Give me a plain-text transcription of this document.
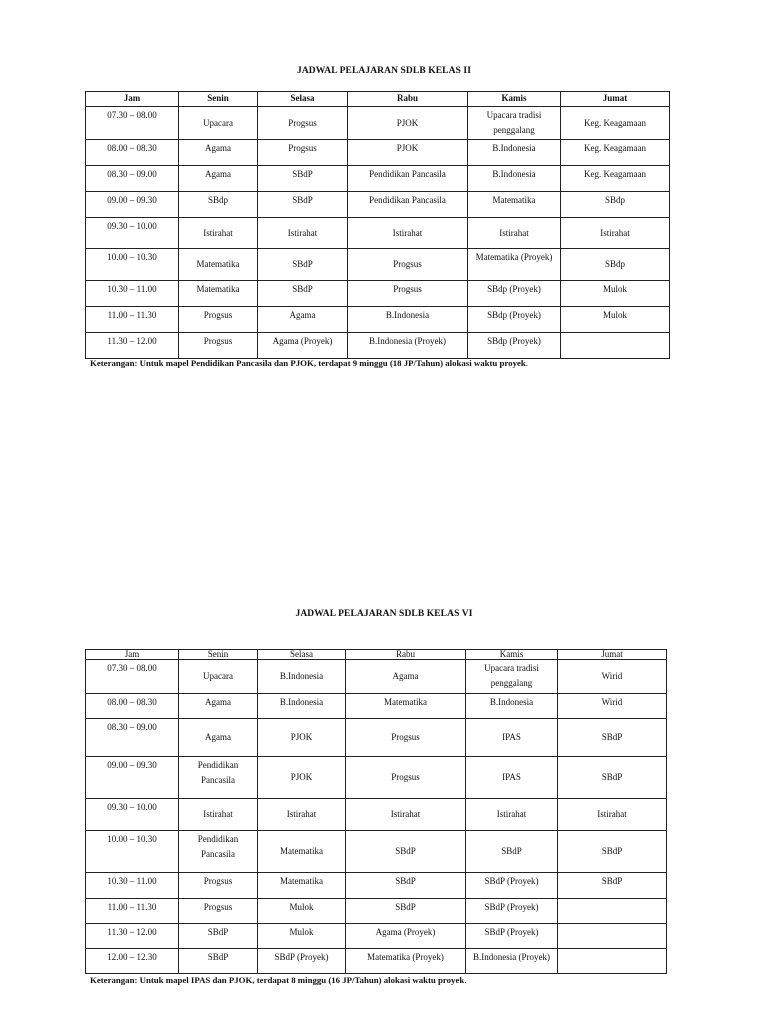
JADWAL PELAJARAN SDLB KELAS II
Jam	Senin	Selasa	Rabu	Kamis	Jumat
07.30 – 08.00	Upacara	Progsus	PJOK	Upacara tradisi penggalang	Keg. Keagamaan
08.00 – 08.30	Agama	Progsus	PJOK	B.Indonesia	Keg. Keagamaan
08.30 – 09.00	Agama	SBdP	Pendidikan Pancasila	B.Indonesia	Keg. Keagamaan
09.00 – 09.30	SBdp	SBdP	Pendidikan Pancasila	Matematika	SBdp
09.30 – 10.00	Istirahat	Istirahat	Istirahat	Istirahat	Istirahat
10.00 – 10.30	Matematika	SBdP	Progsus	Matematika (Proyek)	SBdp
10.30 – 11.00	Matematika	SBdP	Progsus	SBdp (Proyek)	Mulok
11.00 – 11.30	Progsus	Agama	B.Indonesia	SBdp (Proyek)	Mulok
11.30 – 12.00	Progsus	Agama (Proyek)	B.Indonesia (Proyek)	SBdp (Proyek)	
Keterangan: Untuk mapel Pendidikan Pancasila dan PJOK, terdapat 9 minggu (18 JP/Tahun) alokasi waktu proyek.
JADWAL PELAJARAN SDLB KELAS VI
Jam	Senin	Selasa	Rabu	Kamis	Jumat
07.30 – 08.00	Upacara	B.Indonesia	Agama	Upacara tradisi penggalang	Wirid
08.00 – 08.30	Agama	B.Indonesia	Matematika	B.Indonesia	Wirid
08.30 – 09.00	Agama	PJOK	Progsus	IPAS	SBdP
09.00 – 09.30	Pendidikan Pancasila	PJOK	Progsus	IPAS	SBdP
09.30 – 10.00	Istirahat	Istirahat	Istirahat	Istirahat	Istirahat
10.00 – 10.30	Pendidikan Pancasila	Matematika	SBdP	SBdP	SBdP
10.30 – 11.00	Progsus	Matematika	SBdP	SBdP (Proyek)	SBdP
11.00 – 11.30	Progsus	Mulok	SBdP	SBdP (Proyek)	
11.30 – 12.00	SBdP	Mulok	Agama (Proyek)	SBdP (Proyek)	
12.00 – 12.30	SBdP	SBdP (Proyek)	Matematika (Proyek)	B.Indonesia (Proyek)	
Keterangan: Untuk mapel IPAS dan PJOK, terdapat 8 minggu (16 JP/Tahun) alokasi waktu proyek.
